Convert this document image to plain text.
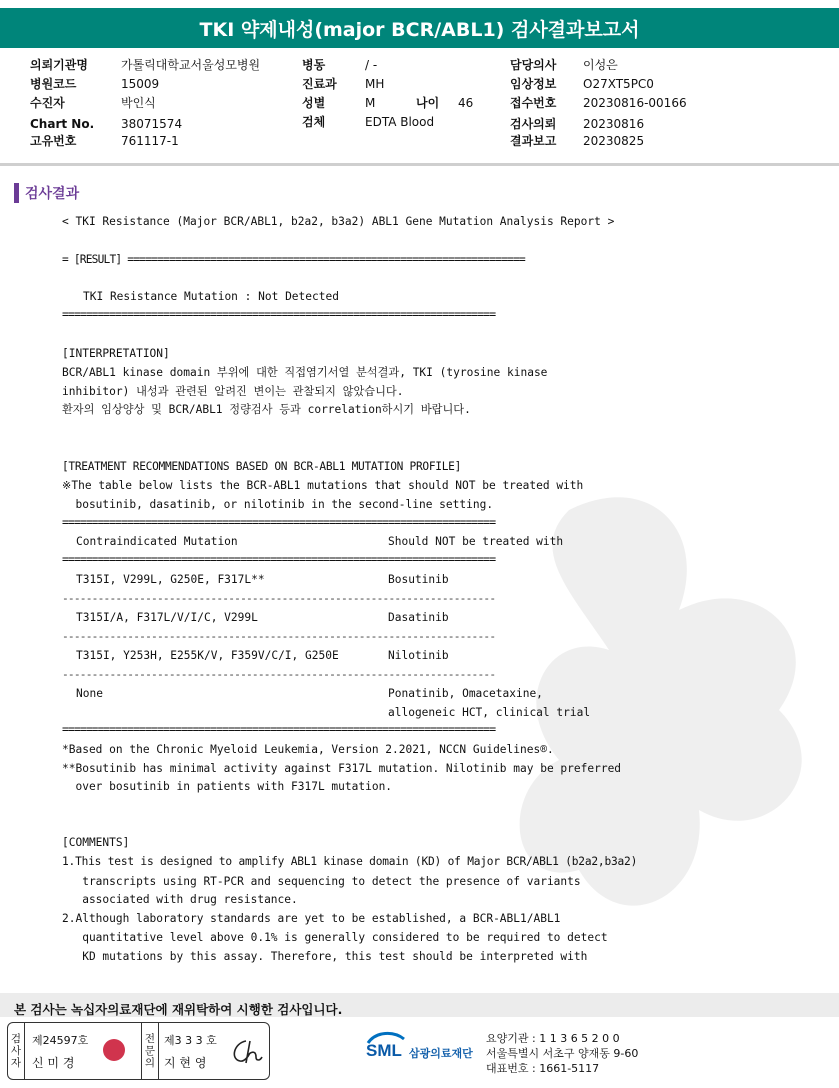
TKI 약제내성(major BCR/ABL1) 검사결과보고서
의뢰기관명	가톨릭대학교서울성모병원
병원코드	15009
수진자	박인식
Chart No. 38071574
고유번호	761117-1
병동	/ -
진료과 MH
성별	M	나이 46
검체	EDTA Blood
담당의사 이성은
임상정보 O27XT5PC0
접수번호 20230816-00166
검사의뢰 20230816
결과보고 20230825
검사결과
< TKI Resistance (Major BCR/ABL1, b2a2, b3a2) ABL1 Gene Mutation Analysis Report >
= [RESULT] ===================================================================
TKI Resistance Mutation : Not Detected
=========================================================================
[INTERPRETATION]
BCR/ABL1 kinase domain 부위에 대한 직접염기서열 분석결과, TKI (tyrosine kinase
inhibitor) 내성과 관련된 알려진 변이는 관찰되지 않았습니다.
환자의 임상양상 및 BCR/ABL1 정량검사 등과 correlation하시기 바랍니다.
[TREATMENT RECOMMENDATIONS BASED ON BCR-ABL1 MUTATION PROFILE]
※The table below lists the BCR-ABL1 mutations that should NOT be treated with
bosutinib, dasatinib, or nilotinib in the second-line setting.
=========================================================================
Contraindicated Mutation	Should NOT be treated with
=========================================================================
T315I, V299L, G250E, F317L**	Bosutinib
-------------------------------------------------------------------------
T315I/A, F317L/V/I/C, V299L	Dasatinib
-------------------------------------------------------------------------
T315I, Y253H, E255K/V, F359V/C/I, G250E	Nilotinib
-------------------------------------------------------------------------
None	Ponatinib, Omacetaxine,
allogeneic HCT, clinical trial
=========================================================================
*Based on the Chronic Myeloid Leukemia, Version 2.2021, NCCN Guidelines®.
**Bosutinib has minimal activity against F317L mutation. Nilotinib may be preferred
over bosutinib in patients with F317L mutation.
[COMMENTS]
1.This test is designed to amplify ABL1 kinase domain (KD) of Major BCR/ABL1 (b2a2,b3a2)
transcripts using RT-PCR and sequencing to detect the presence of variants
associated with drug resistance.
2.Although laboratory standards are yet to be established, a BCR-ABL1/ABL1
quantitative level above 0.1% is generally considered to be required to detect
KD mutations by this assay. Therefore, this test should be interpreted with
본 검사는 녹십자의료재단에 재위탁하여 시행한 검사입니다.
검
사
자
제24597호
신 미 경
전
문
의
제3 3 3 호
지 현 영
SML 삼광의료재단
요양기관 : 1 1 3 6 5 2 0 0
서울특별시 서초구 양재동 9-60
대표번호 : 1661-5117
